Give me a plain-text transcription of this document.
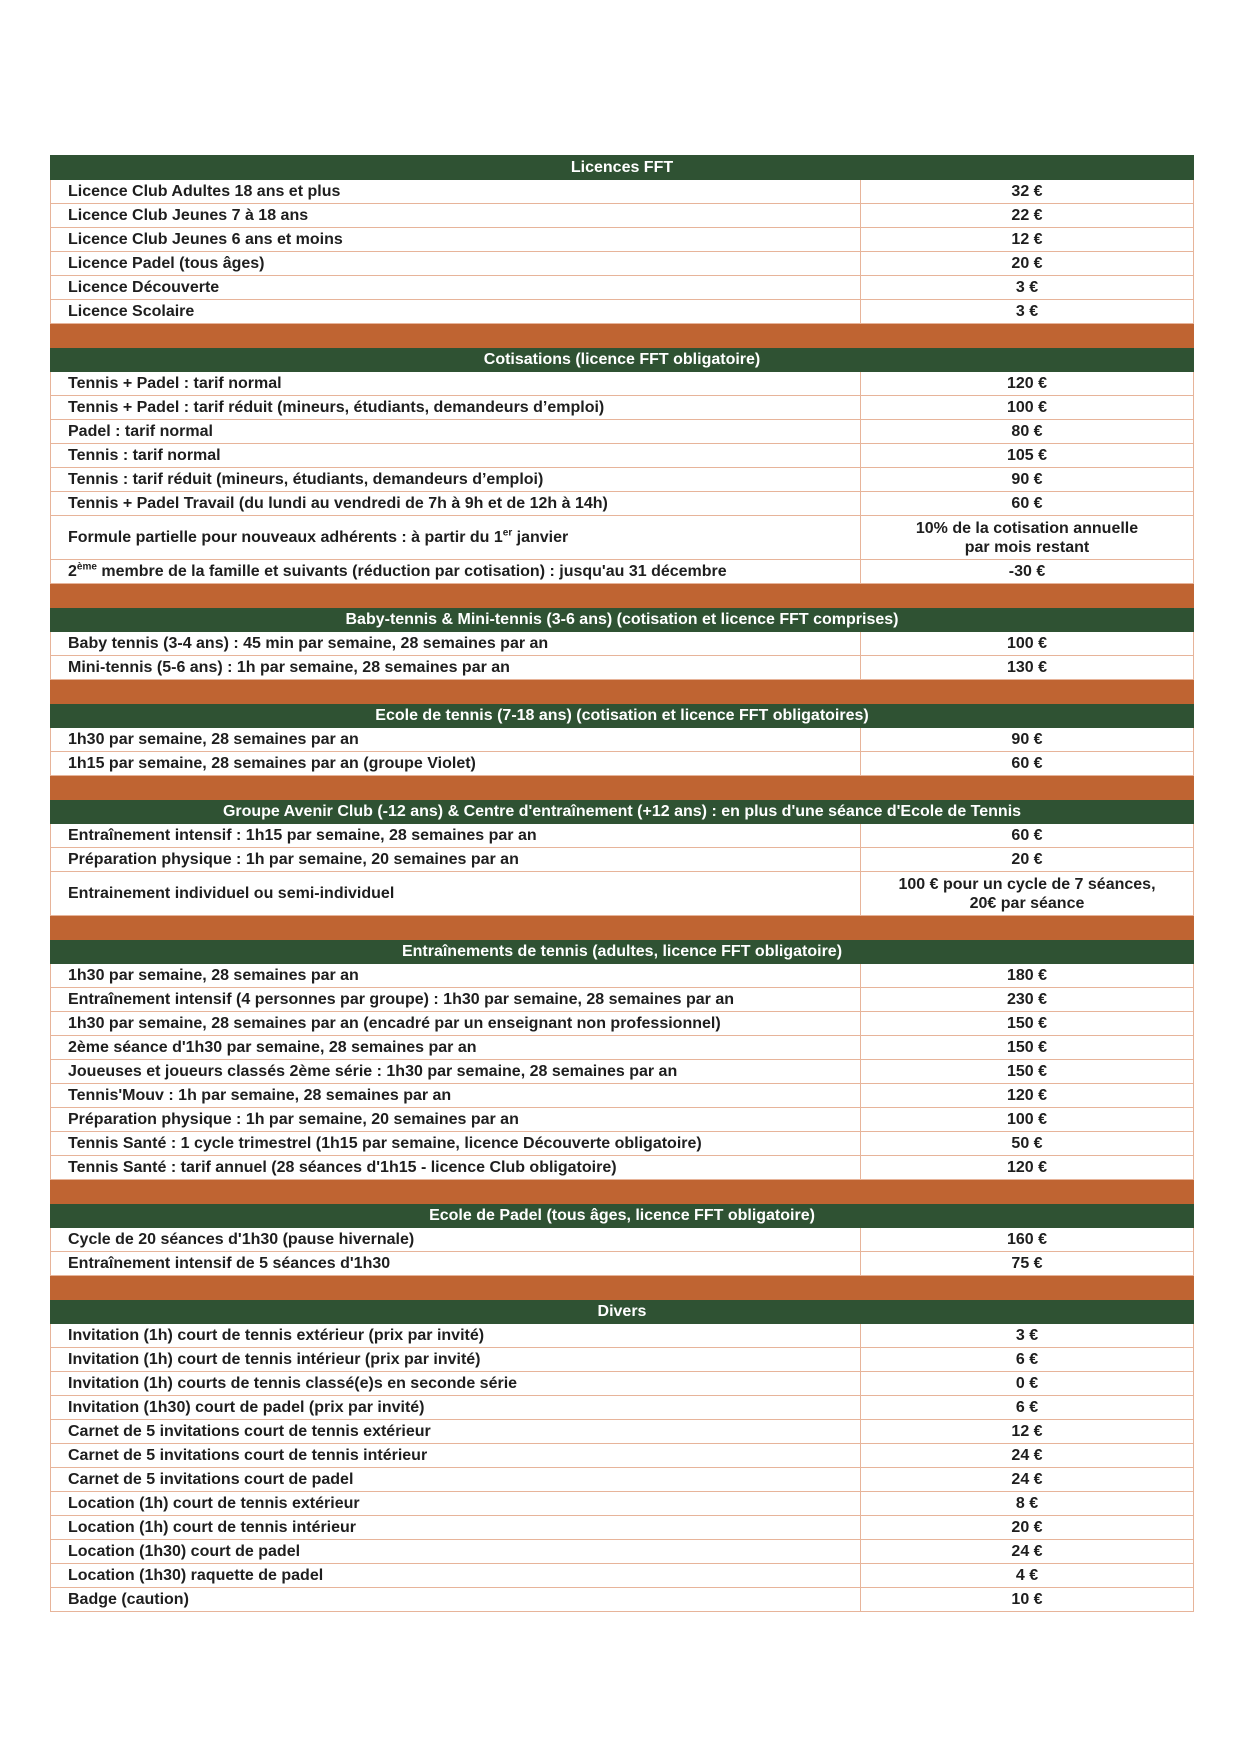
Licences FFT	
Licence Club Adultes 18 ans et plus	32 €
Licence Club Jeunes 7 à 18 ans	22 €
Licence Club Jeunes 6 ans et moins	12 €
Licence Padel (tous âges)	20 €
Licence Découverte	3 €
Licence Scolaire	3 €

Cotisations (licence FFT obligatoire)	
Tennis + Padel : tarif normal	120 €
Tennis + Padel : tarif réduit (mineurs, étudiants, demandeurs d’emploi)	100 €
Padel : tarif normal	80 €
Tennis : tarif normal	105 €
Tennis : tarif réduit (mineurs, étudiants, demandeurs d’emploi)	90 €
Tennis + Padel Travail (du lundi au vendredi de 7h à 9h et de 12h à 14h)	60 €
Formule partielle pour nouveaux adhérents : à partir du 1er janvier	10% de la cotisation annuelle
par mois restant

2ème membre de la famille et suivants (réduction par cotisation) : jusqu'au 31 décembre	-30 €

Baby-tennis & Mini-tennis (3-6 ans) (cotisation et licence FFT comprises)	
Baby tennis (3-4 ans) : 45 min par semaine, 28 semaines par an	100 €
Mini-tennis (5-6 ans) : 1h par semaine, 28 semaines par an	130 €

Ecole de tennis (7-18 ans) (cotisation et licence FFT obligatoires)	
1h30 par semaine, 28 semaines par an	90 €
1h15 par semaine, 28 semaines par an (groupe Violet)	60 €

Groupe Avenir Club (-12 ans) & Centre d'entraînement (+12 ans) : en plus d'une séance d'Ecole de Tennis	
Entraînement intensif : 1h15 par semaine, 28 semaines par an	60 €
Préparation physique : 1h par semaine, 20 semaines par an	20 €
Entrainement individuel ou semi-individuel	100 € pour un cycle de 7 séances,
20€ par séance

Entraînements de tennis (adultes, licence FFT obligatoire)	
1h30 par semaine, 28 semaines par an	180 €
Entraînement intensif (4 personnes par groupe) : 1h30 par semaine, 28 semaines par an	230 €
1h30 par semaine, 28 semaines par an (encadré par un enseignant non professionnel)	150 €
2ème séance d'1h30 par semaine, 28 semaines par an	150 €
Joueuses et joueurs classés 2ème série : 1h30 par semaine, 28 semaines par an	150 €
Tennis'Mouv : 1h par semaine, 28 semaines par an	120 €
Préparation physique : 1h par semaine, 20 semaines par an	100 €
Tennis Santé : 1 cycle trimestrel (1h15 par semaine, licence Découverte obligatoire)	50 €
Tennis Santé : tarif annuel (28 séances d'1h15 - licence Club obligatoire)	120 €

Ecole de Padel (tous âges, licence FFT obligatoire)	
Cycle de 20 séances d'1h30 (pause hivernale)	160 €
Entraînement intensif de 5 séances d'1h30	75 €

Divers	
Invitation (1h) court de tennis extérieur (prix par invité)	3 €
Invitation (1h) court de tennis intérieur (prix par invité)	6 €
Invitation (1h) courts de tennis classé(e)s en seconde série	0 €
Invitation (1h30) court de padel (prix par invité)	6 €
Carnet de 5 invitations court de tennis extérieur	12 €
Carnet de 5 invitations court de tennis intérieur	24 €
Carnet de 5 invitations court de padel	24 €
Location (1h) court de tennis extérieur	8 €
Location (1h) court de tennis intérieur	20 €
Location (1h30) court de padel	24 €
Location (1h30) raquette de padel	4 €
Badge (caution)	10 €
